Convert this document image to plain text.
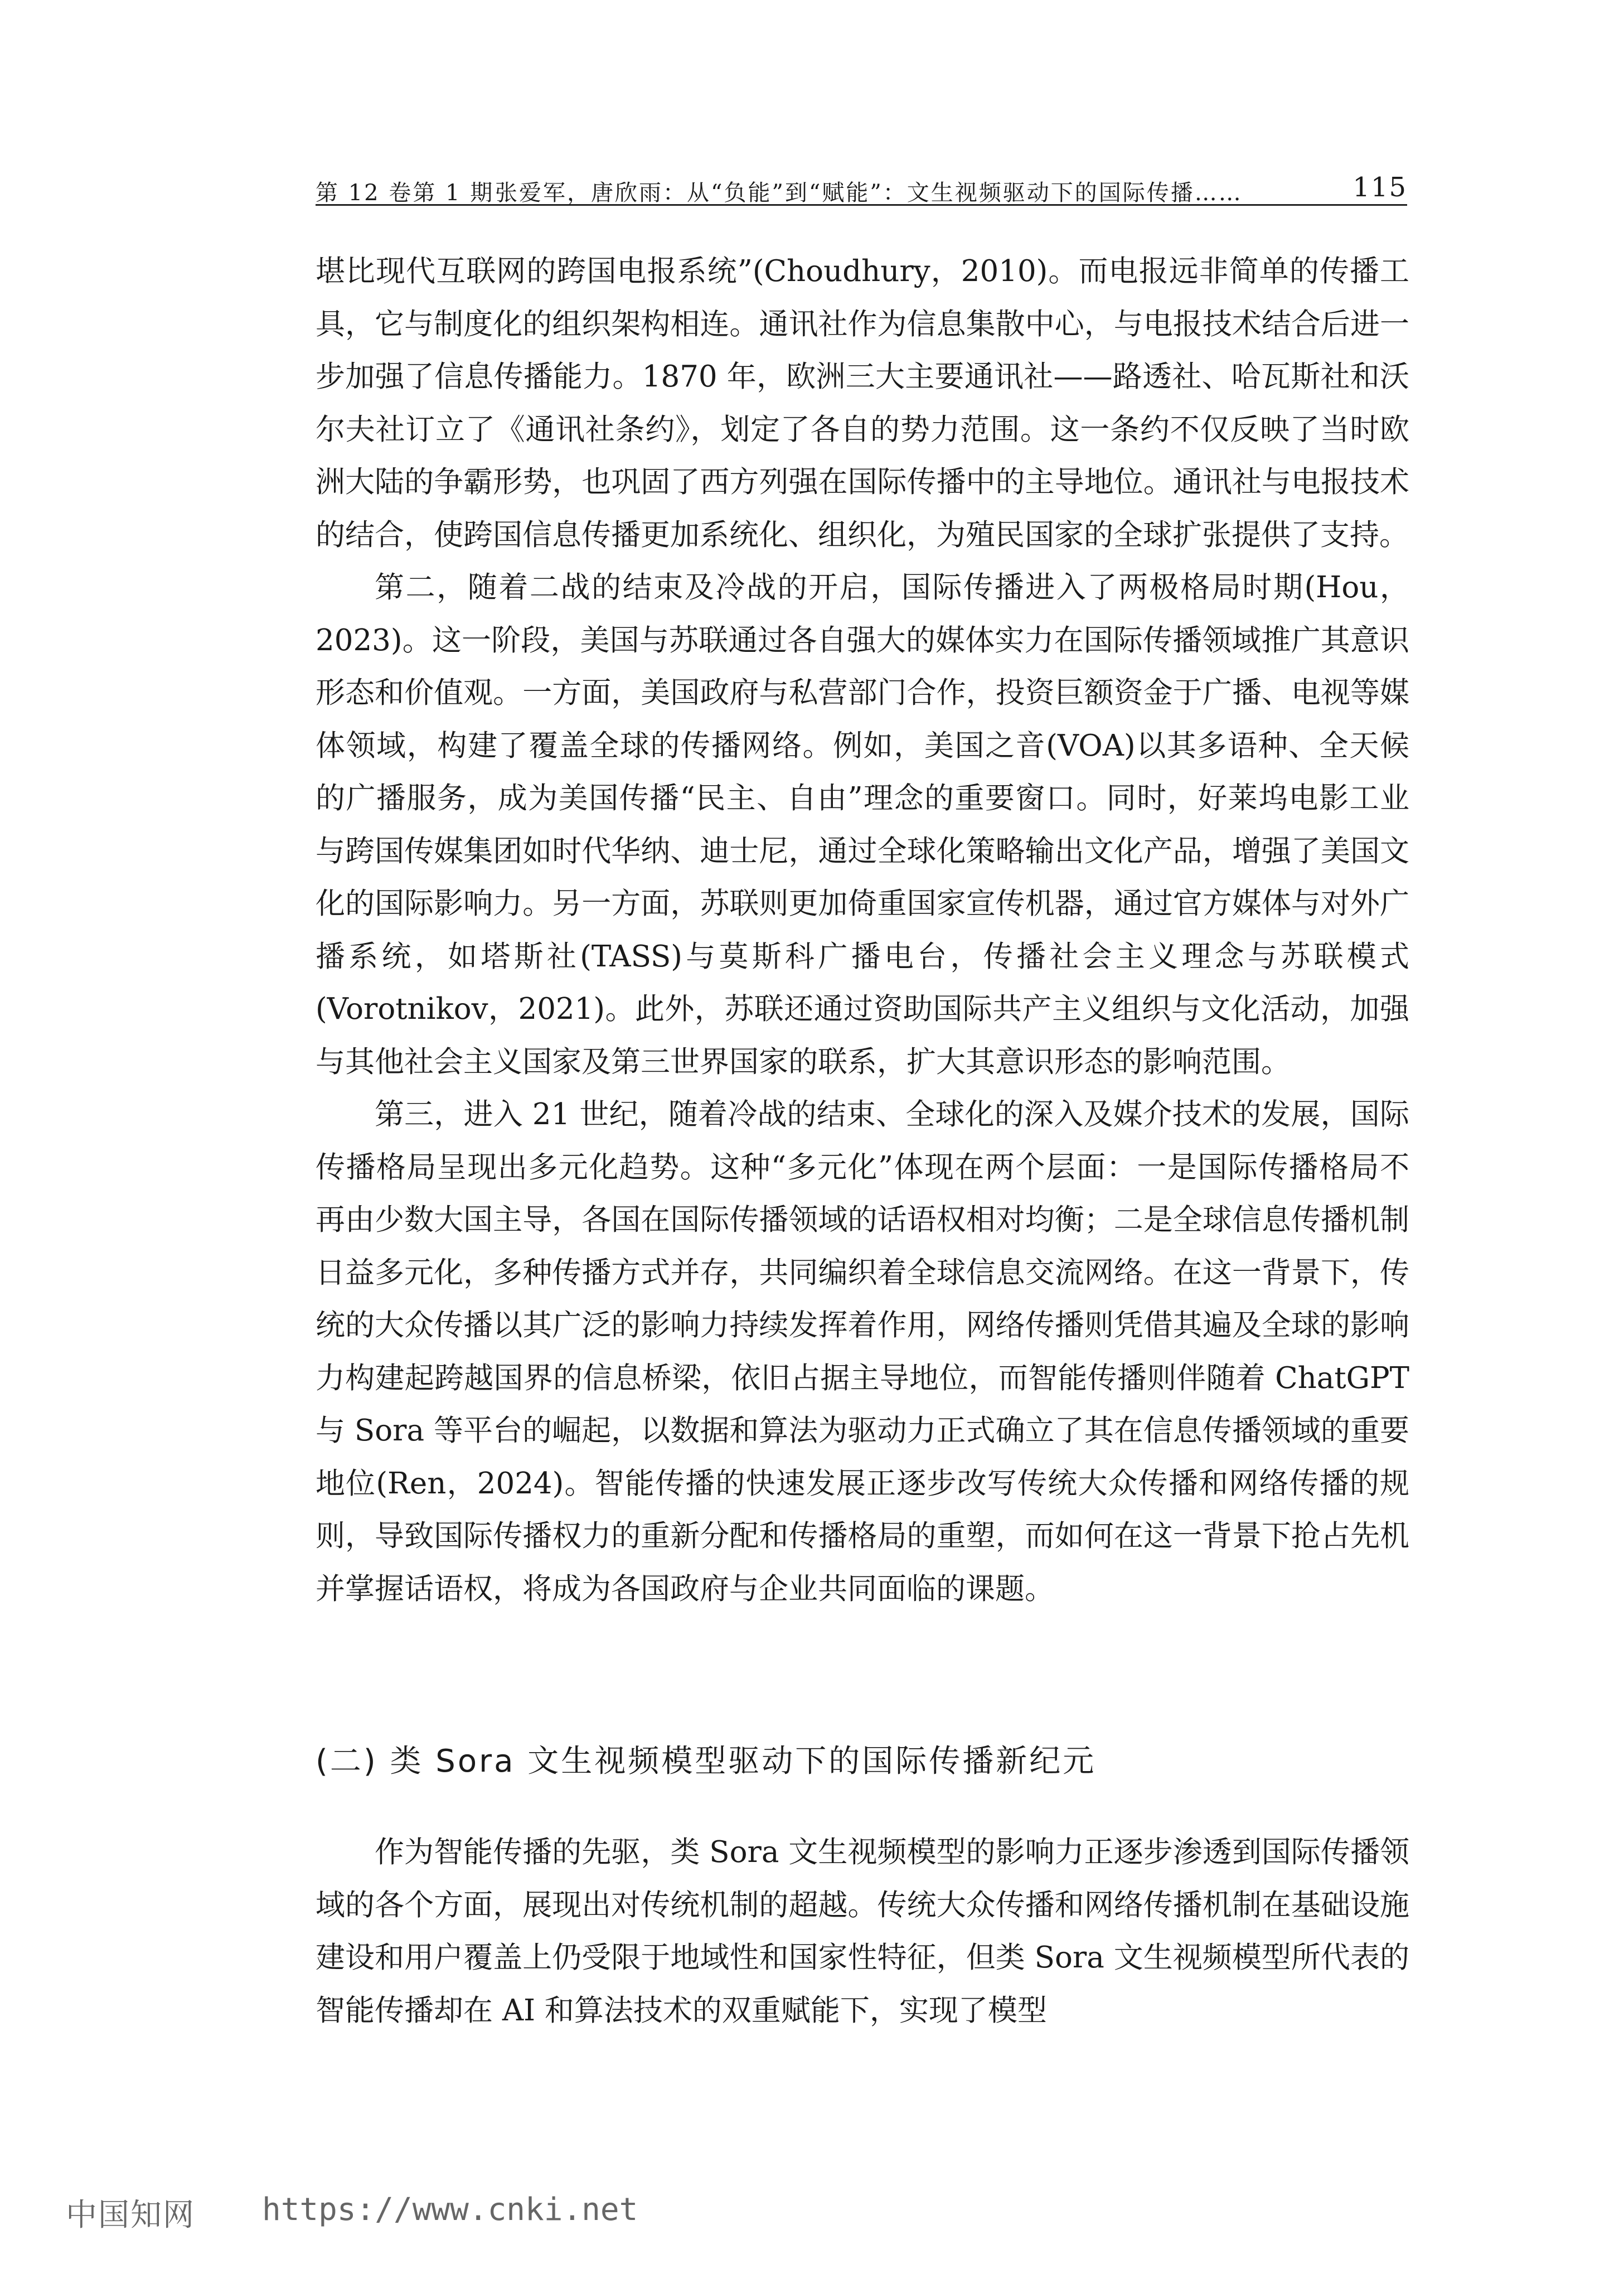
第 12 卷第 1 期 张爱军，唐欣雨：从“负能”到“赋能”：文生视频驱动下的国际传播……	115

堪比现代互联网的跨国电报系统”(Choudhury，2010)。而电报远非简单的传播工具，它与制度化的组织架构相连。通讯社作为信息集散中心，与电报技术结合后进一步加强了信息传播能力。1870 年，欧洲三大主要通讯社——路透社、哈瓦斯社和沃尔夫社订立了《通讯社条约》，划定了各自的势力范围。这一条约不仅反映了当时欧洲大陆的争霸形势，也巩固了西方列强在国际传播中的主导地位。通讯社与电报技术的结合，使跨国信息传播更加系统化、组织化，为殖民国家的全球扩张提供了支持。

第二，随着二战的结束及冷战的开启，国际传播进入了两极格局时期(Hou，2023)。这一阶段，美国与苏联通过各自强大的媒体实力在国际传播领域推广其意识形态和价值观。一方面，美国政府与私营部门合作，投资巨额资金于广播、电视等媒体领域，构建了覆盖全球的传播网络。例如，美国之音(VOA)以其多语种、全天候的广播服务，成为美国传播“民主、自由”理念的重要窗口。同时，好莱坞电影工业与跨国传媒集团如时代华纳、迪士尼，通过全球化策略输出文化产品，增强了美国文化的国际影响力。另一方面，苏联则更加倚重国家宣传机器，通过官方媒体与对外广播系统，如塔斯社(TASS)与莫斯科广播电台，传播社会主义理念与苏联模式(Vorotnikov，2021)。此外，苏联还通过资助国际共产主义组织与文化活动，加强与其他社会主义国家及第三世界国家的联系，扩大其意识形态的影响范围。

第三，进入 21 世纪，随着冷战的结束、全球化的深入及媒介技术的发展，国际传播格局呈现出多元化趋势。这种“多元化”体现在两个层面：一是国际传播格局不再由少数大国主导，各国在国际传播领域的话语权相对均衡；二是全球信息传播机制日益多元化，多种传播方式并存，共同编织着全球信息交流网络。在这一背景下，传统的大众传播以其广泛的影响力持续发挥着作用，网络传播则凭借其遍及全球的影响力构建起跨越国界的信息桥梁，依旧占据主导地位，而智能传播则伴随着 ChatGPT 与 Sora 等平台的崛起，以数据和算法为驱动力正式确立了其在信息传播领域的重要地位(Ren，2024)。智能传播的快速发展正逐步改写传统大众传播和网络传播的规则，导致国际传播权力的重新分配和传播格局的重塑，而如何在这一背景下抢占先机并掌握话语权，将成为各国政府与企业共同面临的课题。

(二) 类 Sora 文生视频模型驱动下的国际传播新纪元

作为智能传播的先驱，类 Sora 文生视频模型的影响力正逐步渗透到国际传播领域的各个方面，展现出对传统机制的超越。传统大众传播和网络传播机制在基础设施建设和用户覆盖上仍受限于地域性和国家性特征，但类 Sora 文生视频模型所代表的智能传播却在 AI 和算法技术的双重赋能下，实现了模型

中国知网 https://www.cnki.net
